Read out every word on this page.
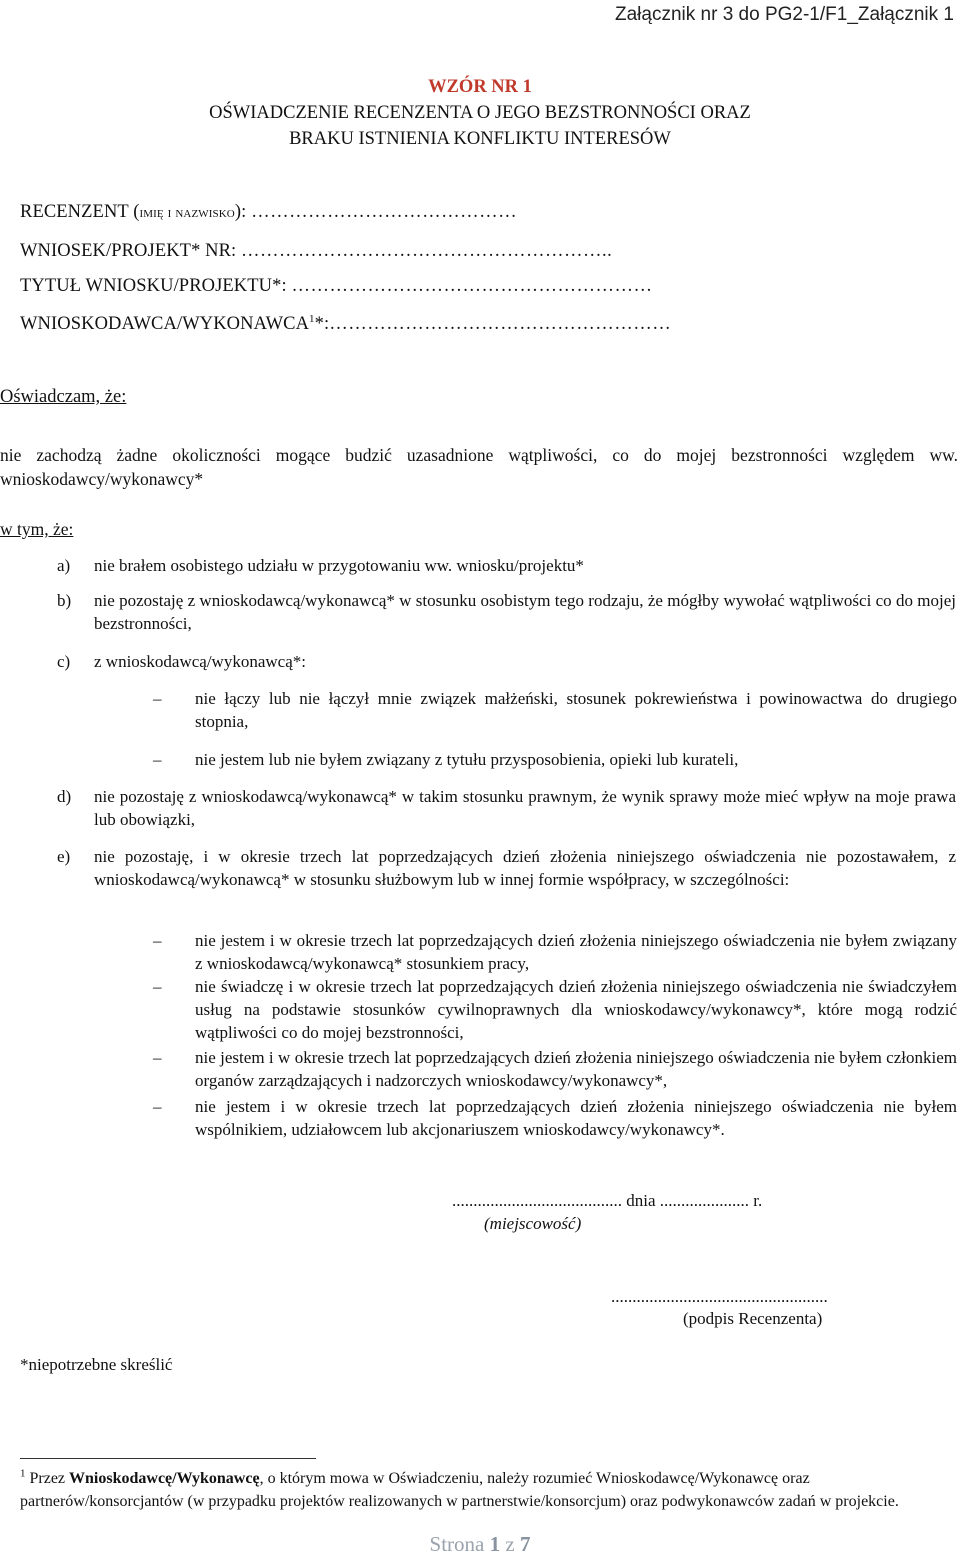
Załącznik nr 3 do PG2-1/F1_Załącznik 1
WZÓR NR 1
OŚWIADCZENIE RECENZENTA O JEGO BEZSTRONNOŚCI ORAZ
BRAKU ISTNIENIA KONFLIKTU INTERESÓW
RECENZENT (imię i nazwisko): ……………………………………
WNIOSEK/PROJEKT* NR: …………………………………………………..
TYTUŁ WNIOSKU/PROJEKTU*: …………………………………………………
WNIOSKODAWCA/WYKONAWCA$^1$*:………………………………………………
Oświadczam, że:
nie zachodzą żadne okoliczności mogące budzić uzasadnione wątpliwości, co do mojej bezstronności względem ww. wnioskodawcy/wykonawcy*
w tym, że:
a) nie brałem osobistego udziału w przygotowaniu ww. wniosku/projektu*
b) nie pozostaję z wnioskodawcą/wykonawcą* w stosunku osobistym tego rodzaju, że mógłby wywołać wątpliwości co do mojej bezstronności,
c) z wnioskodawcą/wykonawcą*:
– nie łączy lub nie łączył mnie związek małżeński, stosunek pokrewieństwa i powinowactwa do drugiego stopnia,
– nie jestem lub nie byłem związany z tytułu przysposobienia, opieki lub kurateli,
d) nie pozostaję z wnioskodawcą/wykonawcą* w takim stosunku prawnym, że wynik sprawy może mieć wpływ na moje prawa lub obowiązki,
e) nie pozostaję, i w okresie trzech lat poprzedzających dzień złożenia niniejszego oświadczenia nie pozostawałem, z wnioskodawcą/wykonawcą* w stosunku służbowym lub w innej formie współpracy, w szczególności:
– nie jestem i w okresie trzech lat poprzedzających dzień złożenia niniejszego oświadczenia nie byłem związany z wnioskodawcą/wykonawcą* stosunkiem pracy,
– nie świadczę i w okresie trzech lat poprzedzających dzień złożenia niniejszego oświadczenia nie świadczyłem usług na podstawie stosunków cywilnoprawnych dla wnioskodawcy/wykonawcy*, które mogą rodzić wątpliwości co do mojej bezstronności,
– nie jestem i w okresie trzech lat poprzedzających dzień złożenia niniejszego oświadczenia nie byłem członkiem organów zarządzających i nadzorczych wnioskodawcy/wykonawcy*,
– nie jestem i w okresie trzech lat poprzedzających dzień złożenia niniejszego oświadczenia nie byłem wspólnikiem, udziałowcem lub akcjonariuszem wnioskodawcy/wykonawcy*.
........................................ dnia ..................... r.
(miejscowość)
...................................................
(podpis Recenzenta)
*niepotrzebne skreślić
$^1$ Przez Wnioskodawcę/Wykonawcę, o którym mowa w Oświadczeniu, należy rozumieć Wnioskodawcę/Wykonawcę oraz partnerów/konsorcjantów (w przypadku projektów realizowanych w partnerstwie/konsorcjum) oraz podwykonawców zadań w projekcie.
Strona 1 z 7
